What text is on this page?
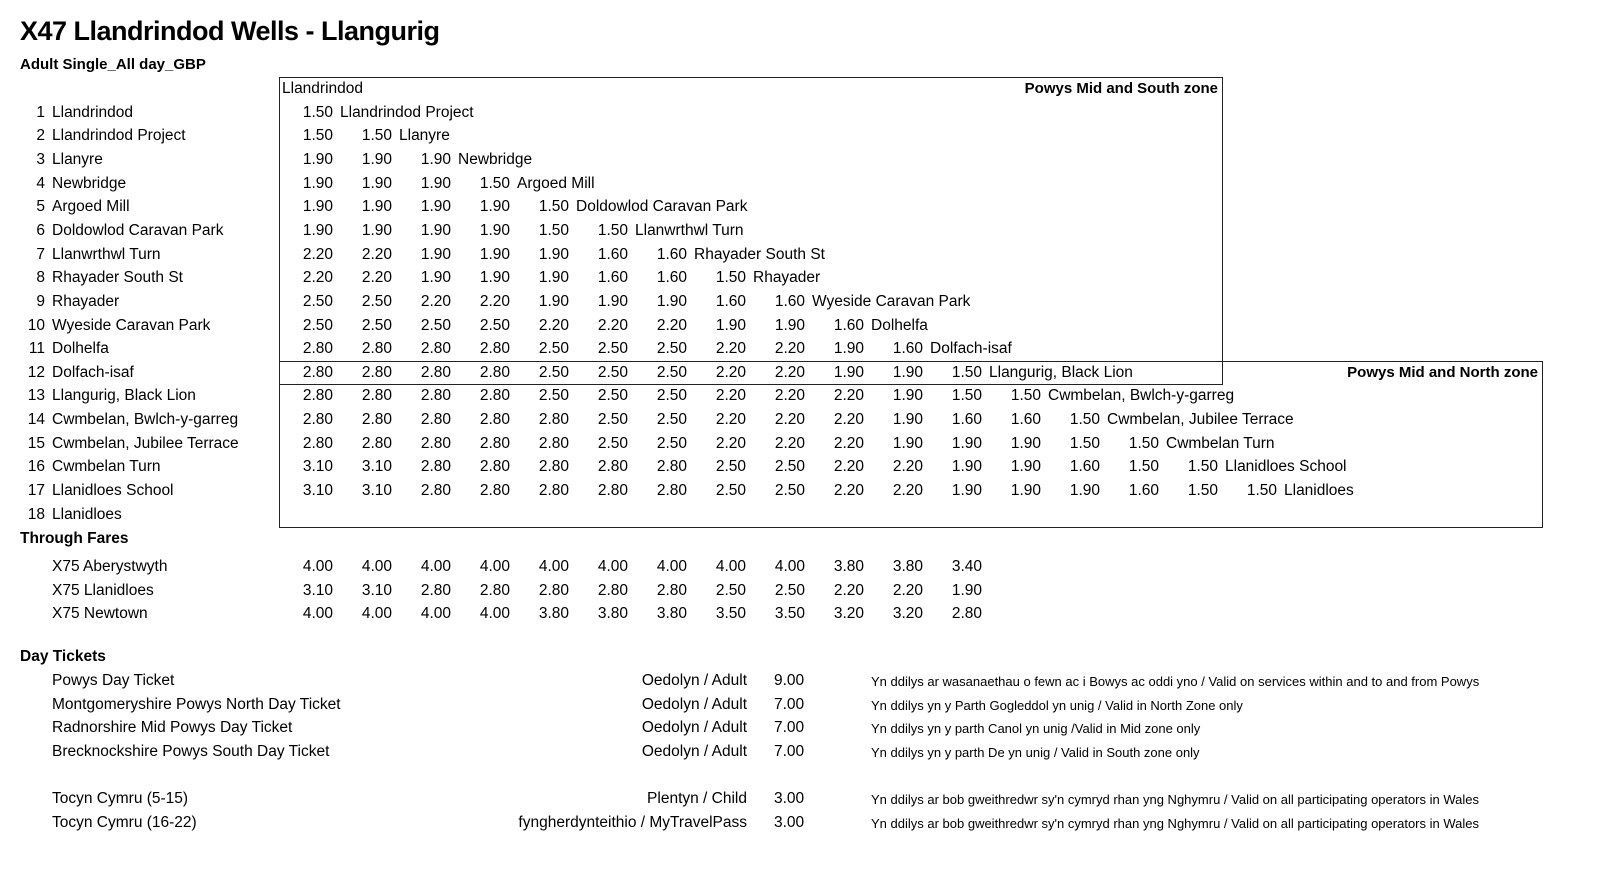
X47 Llandrindod Wells - Llangurig
Adult Single_All day_GBP
Powys Mid and South zone
Powys Mid and North zone
1 Llandrindod
2 Llandrindod Project
3 Llanyre
4 Newbridge
5 Argoed Mill
6 Doldowlod Caravan Park
7 Llanwrthwl Turn
8 Rhayader South St
9 Rhayader
10 Wyeside Caravan Park
11 Dolhelfa
12 Dolfach-isaf
13 Llangurig, Black Lion
14 Cwmbelan, Bwlch-y-garreg
15 Cwmbelan, Jubilee Terrace
16 Cwmbelan Turn
17 Llanidloes School
18 Llanidloes
Llandrindod
1.50 Llandrindod Project
1.50	1.50 Llanyre
1.90	1.90	1.90 Newbridge
1.90	1.90	1.90	1.50 Argoed Mill
1.90	1.90	1.90	1.90	1.50 Doldowlod Caravan Park
1.90	1.90	1.90	1.90	1.50	1.50 Llanwrthwl Turn
2.20	2.20	1.90	1.90	1.90	1.60	1.60 Rhayader South St
2.20	2.20	1.90	1.90	1.90	1.60	1.60	1.50 Rhayader
2.50	2.50	2.20	2.20	1.90	1.90	1.90	1.60	1.60 Wyeside Caravan Park
2.50	2.50	2.50	2.50	2.20	2.20	2.20	1.90	1.90	1.60 Dolhelfa
2.80	2.80	2.80	2.80	2.50	2.50	2.50	2.20	2.20	1.90	1.60 Dolfach-isaf
2.80	2.80	2.80	2.80	2.50	2.50	2.50	2.20	2.20	1.90	1.90	1.50 Llangurig, Black Lion
2.80	2.80	2.80	2.80	2.50	2.50	2.50	2.20	2.20	2.20	1.90	1.50	1.50 Cwmbelan, Bwlch-y-garreg
2.80	2.80	2.80	2.80	2.80	2.50	2.50	2.20	2.20	2.20	1.90	1.60	1.60	1.50 Cwmbelan, Jubilee Terrace
2.80	2.80	2.80	2.80	2.80	2.50	2.50	2.20	2.20	2.20	1.90	1.90	1.90	1.50	1.50 Cwmbelan Turn
3.10	3.10	2.80	2.80	2.80	2.80	2.80	2.50	2.50	2.20	2.20	1.90	1.90	1.60	1.50	1.50 Llanidloes School
3.10	3.10	2.80	2.80	2.80	2.80	2.80	2.50	2.50	2.20	2.20	1.90	1.90	1.90	1.60	1.50	1.50 Llanidloes
Through Fares
X75 Aberystwyth	4.00	4.00	4.00	4.00	4.00	4.00	4.00	4.00	4.00	3.80	3.80	3.40
X75 Llanidloes	3.10	3.10	2.80	2.80	2.80	2.80	2.80	2.50	2.50	2.20	2.20	1.90
X75 Newtown	4.00	4.00	4.00	4.00	3.80	3.80	3.80	3.50	3.50	3.20	3.20	2.80
Day Tickets
Powys Day Ticket	Oedolyn / Adult 9.00	Yn ddilys ar wasanaethau o fewn ac i Bowys ac oddi yno / Valid on services within and to and from Powys
Montgomeryshire Powys North Day Ticket	Oedolyn / Adult 7.00	Yn ddilys yn y Parth Gogleddol yn unig / Valid in North Zone only
Radnorshire Mid Powys Day Ticket	Oedolyn / Adult 7.00	Yn ddilys yn y parth Canol yn unig /Valid in Mid zone only
Brecknockshire Powys South Day Ticket	Oedolyn / Adult 7.00	Yn ddilys yn y parth De yn unig / Valid in South zone only
Tocyn Cymru (5-15)	Plentyn / Child 3.00	Yn ddilys ar bob gweithredwr sy'n cymryd rhan yng Nghymru / Valid on all participating operators in Wales
Tocyn Cymru (16-22)	fyngherdynteithio / MyTravelPass 3.00	Yn ddilys ar bob gweithredwr sy'n cymryd rhan yng Nghymru / Valid on all participating operators in Wales
